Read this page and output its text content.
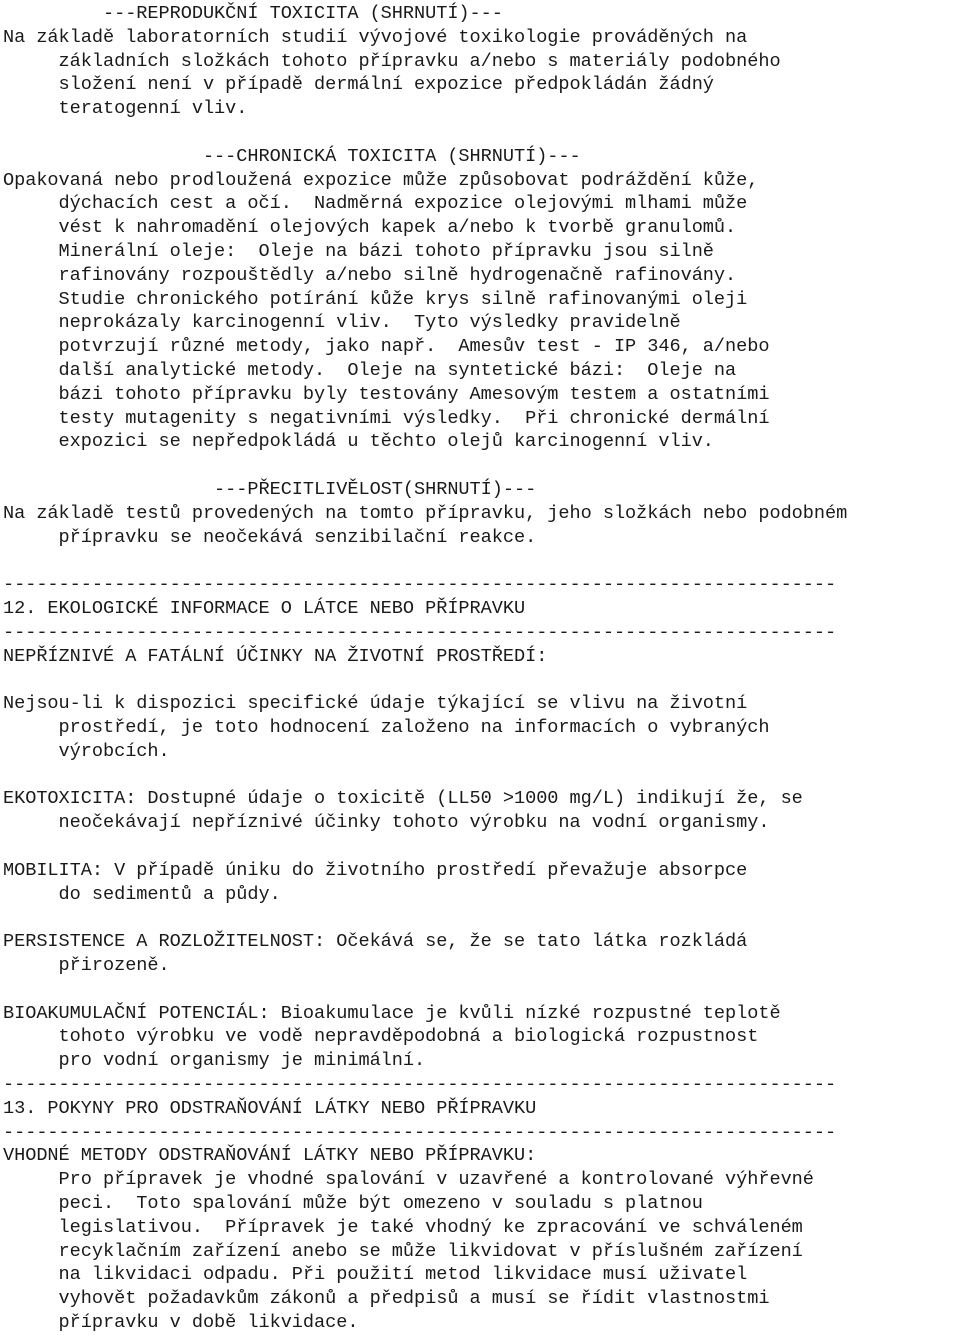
---REPRODUKČNÍ TOXICITA (SHRNUTÍ)---
Na základě laboratorních studií vývojové toxikologie prováděných na
základních složkách tohoto přípravku a/nebo s materiály podobného
složení není v případě dermální expozice předpokládán žádný
teratogenní vliv.
---CHRONICKÁ TOXICITA (SHRNUTÍ)---
Opakovaná nebo prodloužená expozice může způsobovat podráždění kůže,
dýchacích cest a očí.  Nadměrná expozice olejovými mlhami může
vést k nahromadění olejových kapek a/nebo k tvorbě granulomů.
Minerální oleje:  Oleje na bázi tohoto přípravku jsou silně
rafinovány rozpouštědly a/nebo silně hydrogenačně rafinovány.
Studie chronického potírání kůže krys silně rafinovanými oleji
neprokázaly karcinogenní vliv.  Tyto výsledky pravidelně
potvrzují různé metody, jako např.  Amesův test - IP 346, a/nebo
další analytické metody.  Oleje na syntetické bázi:  Oleje na
bázi tohoto přípravku byly testovány Amesovým testem a ostatními
testy mutagenity s negativními výsledky.  Při chronické dermální
expozici se nepředpokládá u těchto olejů karcinogenní vliv.
---PŘECITLIVĚLOST(SHRNUTÍ)---
Na základě testů provedených na tomto přípravku, jeho složkách nebo podobném
přípravku se neočekává senzibilační reakce.
---------------------------------------------------------------------------
12. EKOLOGICKÉ INFORMACE O LÁTCE NEBO PŘÍPRAVKU
---------------------------------------------------------------------------
NEPŘÍZNIVÉ A FATÁLNÍ ÚČINKY NA ŽIVOTNÍ PROSTŘEDÍ:
Nejsou-li k dispozici specifické údaje týkající se vlivu na životní
prostředí, je toto hodnocení založeno na informacích o vybraných
výrobcích.
EKOTOXICITA: Dostupné údaje o toxicitě (LL50 >1000 mg/L) indikují že, se
neočekávají nepříznivé účinky tohoto výrobku na vodní organismy.
MOBILITA: V případě úniku do životního prostředí převažuje absorpce
do sedimentů a půdy.
PERSISTENCE A ROZLOŽITELNOST: Očekává se, že se tato látka rozkládá
přirozeně.
BIOAKUMULAČNÍ POTENCIÁL: Bioakumulace je kvůli nízké rozpustné teplotě
tohoto výrobku ve vodě nepravděpodobná a biologická rozpustnost
pro vodní organismy je minimální.
---------------------------------------------------------------------------
13. POKYNY PRO ODSTRAŇOVÁNÍ LÁTKY NEBO PŘÍPRAVKU
---------------------------------------------------------------------------
VHODNÉ METODY ODSTRAŇOVÁNÍ LÁTKY NEBO PŘÍPRAVKU:
Pro přípravek je vhodné spalování v uzavřené a kontrolované výhřevné
peci.  Toto spalování může být omezeno v souladu s platnou
legislativou.  Přípravek je také vhodný ke zpracování ve schváleném
recyklačním zařízení anebo se může likvidovat v příslušném zařízení
na likvidaci odpadu. Při použití metod likvidace musí uživatel
vyhovět požadavkům zákonů a předpisů a musí se řídit vlastnostmi
přípravku v době likvidace.
